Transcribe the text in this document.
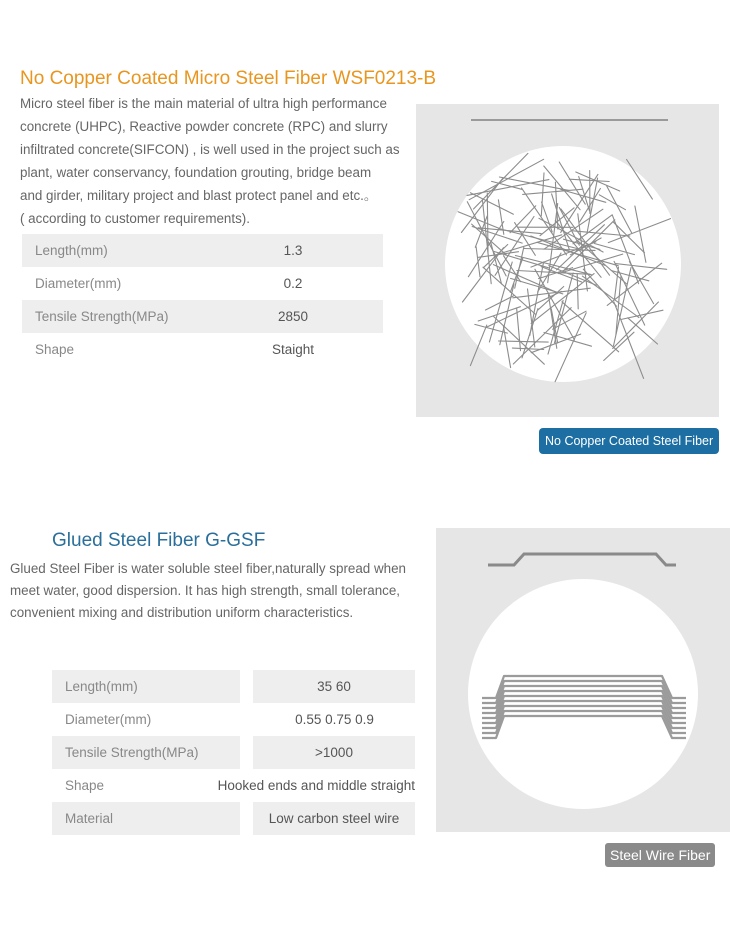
No Copper Coated Micro Steel Fiber WSF0213-B
Micro steel fiber is the main material of ultra high performance
concrete (UHPC), Reactive powder concrete (RPC) and slurry
infiltrated concrete(SIFCON) , is well used in the project such as
plant, water conservancy, foundation grouting, bridge beam
and girder, military project and blast protect panel and etc.。
( according to customer requirements).
Length(mm)	1.3
Diameter(mm)	0.2
Tensile Strength(MPa)	2850
Shape	Staight
No Copper Coated Steel Fiber
Glued Steel Fiber G-GSF
Glued Steel Fiber is water soluble steel fiber,naturally spread when
meet water, good dispersion. It has high strength, small tolerance,
convenient mixing and distribution uniform characteristics.
Length(mm)	35 60
Diameter(mm)	0.55 0.75 0.9
Tensile Strength(MPa)	>1000
Shape	Hooked ends and middle straight
Material	Low carbon steel wire
Steel Wire Fiber
